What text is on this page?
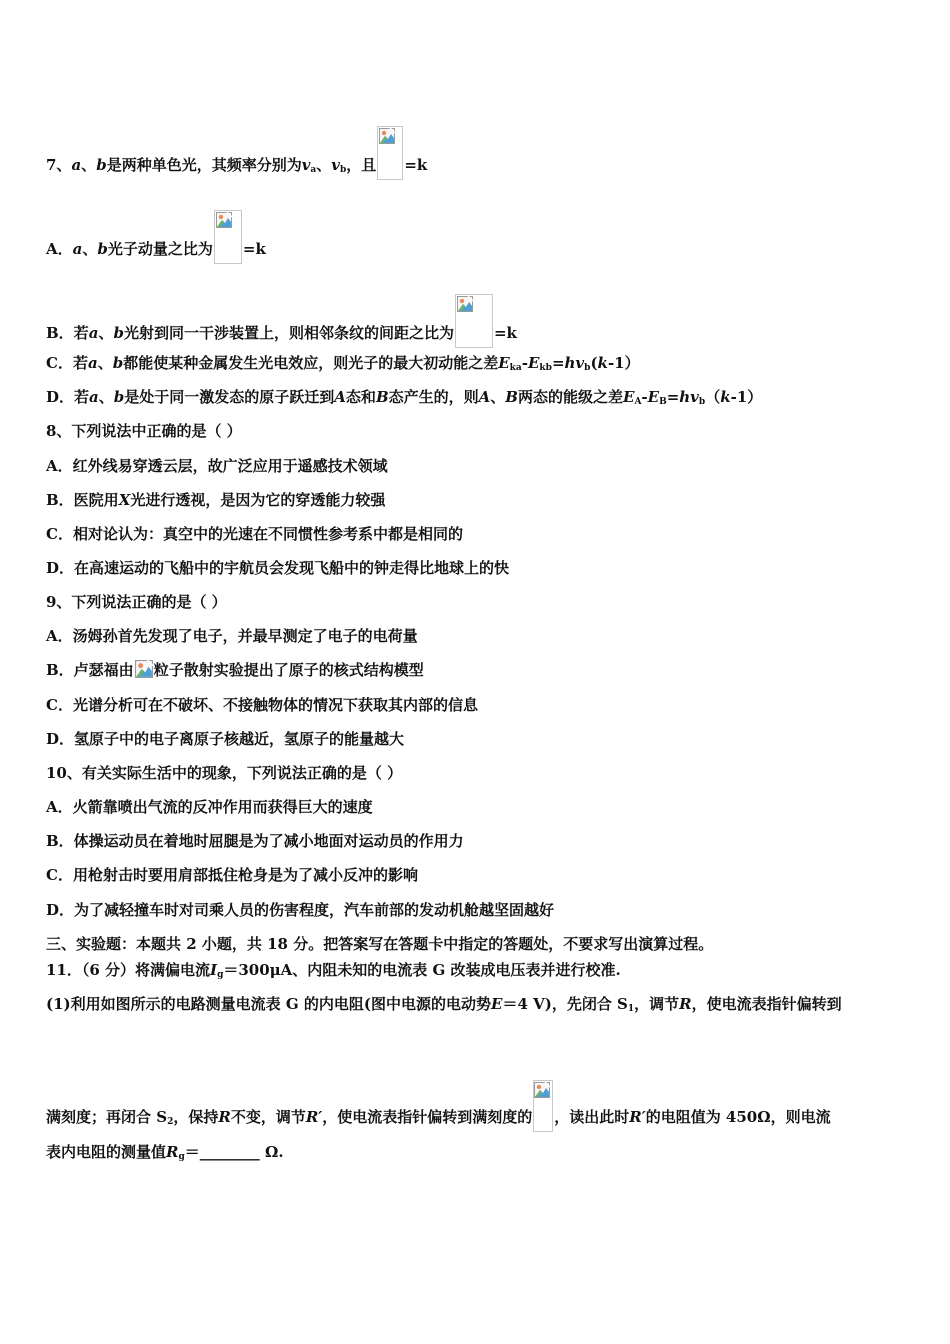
7、a、b是两种单色光，其频率分别为$v_a$、$v_b$，且 =k
A．a、b光子动量之比为 =k
B．若a、b光射到同一干涉装置上，则相邻条纹的间距之比为	=k
C．若a、b都能使某种金属发生光电效应，则光子的最大初动能之差$E_{ka}-E_{kb}=hv_b(k-1)$
D．若a、b是处于同一激发态的原子跃迁到A态和B态产生的，则A、B两态的能级之差$E_A-E_B=hv_b(k-1)$
8、下列说法中正确的是（ ）
A．红外线易穿透云层，故广泛应用于遥感技术领域
B．医院用X光进行透视，是因为它的穿透能力较强
C．相对论认为：真空中的光速在不同惯性参考系中都是相同的
D．在高速运动的飞船中的宇航员会发现飞船中的钟走得比地球上的快
9、下列说法正确的是（ ）
A．汤姆孙首先发现了电子，并最早测定了电子的电荷量
B．卢瑟福由 粒子散射实验提出了原子的核式结构模型
C．光谱分析可在不破坏、不接触物体的情况下获取其内部的信息
D．氢原子中的电子离原子核越近，氢原子的能量越大
10、有关实际生活中的现象，下列说法正确的是（ ）
A．火箭靠喷出气流的反冲作用而获得巨大的速度
B．体操运动员在着地时屈腿是为了减小地面对运动员的作用力
C．用枪射击时要用肩部抵住枪身是为了减小反冲的影响
D．为了减轻撞车时对司乘人员的伤害程度，汽车前部的发动机舱越坚固越好
三、实验题：本题共 2 小题，共 18 分。把答案写在答题卡中指定的答题处，不要求写出演算过程。
11．（6 分）将满偏电流$I_g=300\mu A$、内阻未知的电流表 G 改装成电压表并进行校准.
(1)利用如图所示的电路测量电流表 G 的内电阻(图中电源的电动势E＝4 V)，先闭合 $S_1$，调节R，使电流表指针偏转到
满刻度；再闭合 $S_2$，保持R不变，调节R′，使电流表指针偏转到满刻度的 ，读出此时R′的电阻值为 450Ω，则电流
表内电阻的测量值$R_g=\_\_\_\_\_\_\_\_$ Ω.
